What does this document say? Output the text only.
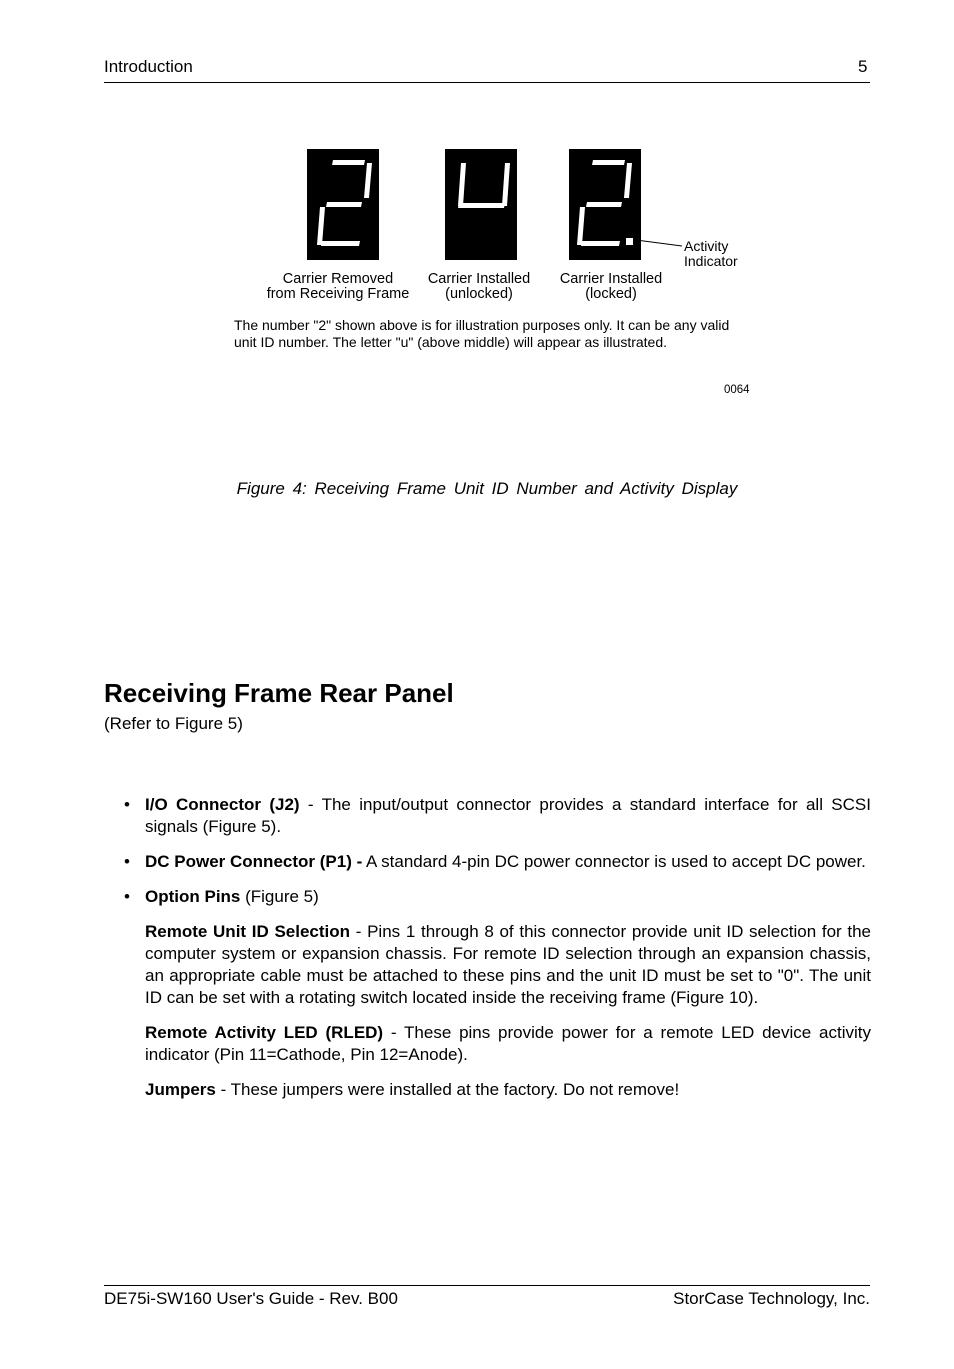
Introduction	5
Activity
Indicator
Carrier Removed
from Receiving Frame
Carrier Installed
(unlocked)
Carrier Installed
(locked)
The number "2" shown above is for illustration purposes only. It can be any valid
unit ID number. The letter "u" (above middle) will appear as illustrated.
0064
Figure 4: Receiving Frame Unit ID Number and Activity Display
Receiving Frame Rear Panel
(Refer to Figure 5)
• I/O Connector (J2) - The input/output connector provides a standard interface for all SCSI signals (Figure 5).
• DC Power Connector (P1) - A standard 4-pin DC power connector is used to accept DC power.
• Option Pins (Figure 5)
Remote Unit ID Selection - Pins 1 through 8 of this connector provide unit ID selection for the computer system or expansion chassis. For remote ID selection through an expansion chassis, an appropriate cable must be attached to these pins and the unit ID must be set to "0". The unit ID can be set with a rotating switch located inside the receiving frame (Figure 10).
Remote Activity LED (RLED) - These pins provide power for a remote LED device activity indicator (Pin 11=Cathode, Pin 12=Anode).
Jumpers - These jumpers were installed at the factory. Do not remove!
DE75i-SW160 User's Guide - Rev. B00	StorCase Technology, Inc.
